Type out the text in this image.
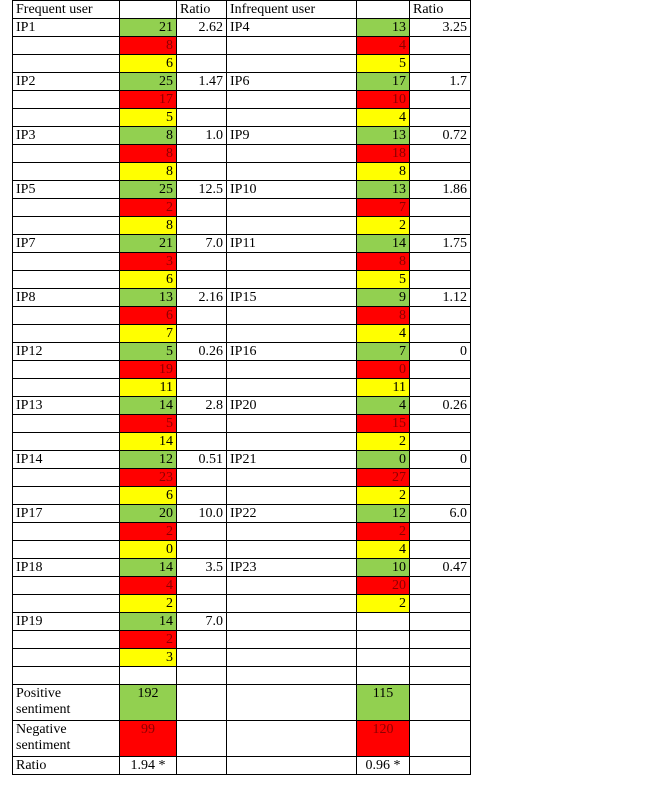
Frequent user		Ratio	Infrequent user		Ratio
IP1	21	2.62	IP4	13	3.25
	8			4	
	6			5	
IP2	25	1.47	IP6	17	1.7
	17			10	
	5			4	
IP3	8	1.0	IP9	13	0.72
	8			18	
	8			8	
IP5	25	12.5	IP10	13	1.86
	2			7	
	8			2	
IP7	21	7.0	IP11	14	1.75
	3			8	
	6			5	
IP8	13	2.16	IP15	9	1.12
	6			8	
	7			4	
IP12	5	0.26	IP16	7	0
	19			0	
	11			11	
IP13	14	2.8	IP20	4	0.26
	5			15	
	14			2	
IP14	12	0.51	IP21	0	0
	23			27	
	6			2	
IP17	20	10.0	IP22	12	6.0
	2			2	
	0			4	
IP18	14	3.5	IP23	10	0.47
	4			20	
	2			2	
IP19	14	7.0			
	2				
	3				

Positive sentiment	192			115	
Negative sentiment	99			120	
Ratio	1.94 *			0.96 *	
